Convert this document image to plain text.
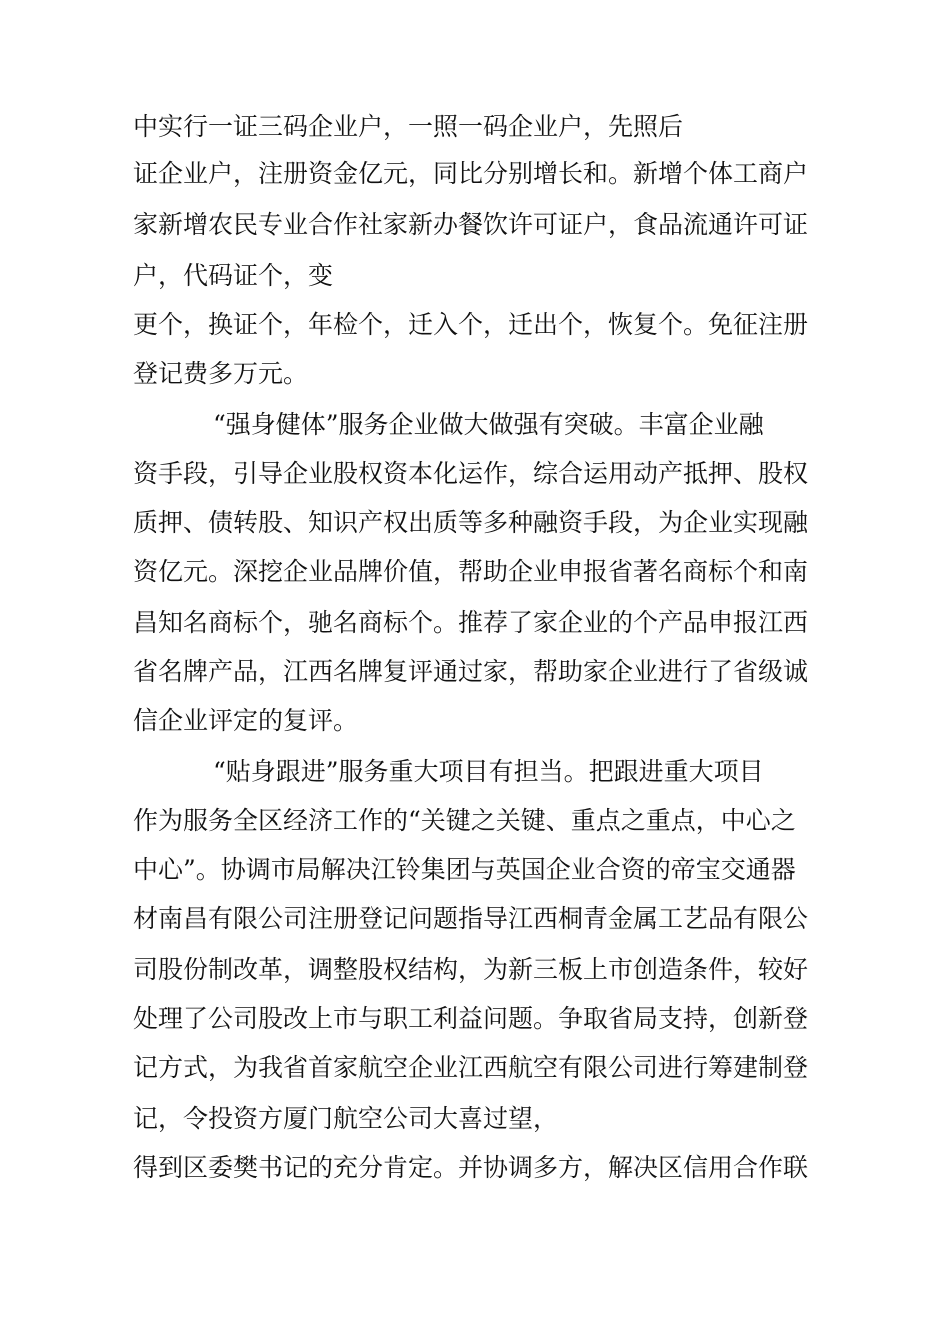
中实行一证三码企业户，一照一码企业户，先照后
证企业户，注册资金亿元，同比分别增长和。新增个体工商户
家新增农民专业合作社家新办餐饮许可证户，食品流通许可证
户，代码证个，变
更个，换证个，年检个，迁入个，迁出个，恢复个。免征注册
登记费多万元。
“强身健体”服务企业做大做强有突破。丰富企业融
资手段，引导企业股权资本化运作，综合运用动产抵押、股权
质押、债转股、知识产权出质等多种融资手段，为企业实现融
资亿元。深挖企业品牌价值，帮助企业申报省著名商标个和南
昌知名商标个，驰名商标个。推荐了家企业的个产品申报江西
省名牌产品，江西名牌复评通过家，帮助家企业进行了省级诚
信企业评定的复评。
“贴身跟进”服务重大项目有担当。把跟进重大项目
作为服务全区经济工作的“关键之关键、重点之重点，中心之
中心”。协调市局解决江铃集团与英国企业合资的帝宝交通器
材南昌有限公司注册登记问题指导江西桐青金属工艺品有限公
司股份制改革，调整股权结构，为新三板上市创造条件，较好
处理了公司股改上市与职工利益问题。争取省局支持，创新登
记方式，为我省首家航空企业江西航空有限公司进行筹建制登
记，令投资方厦门航空公司大喜过望，
得到区委樊书记的充分肯定。并协调多方，解决区信用合作联
